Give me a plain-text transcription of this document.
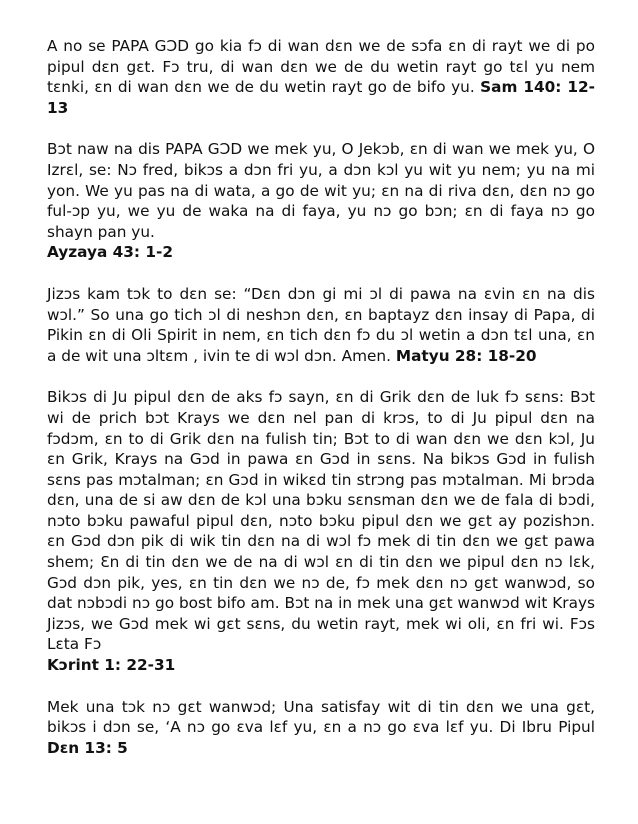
A no se PAPA GƆD go kia fɔ di wan dɛn we de sɔfa ɛn di rayt we di po pipul dɛn gɛt. Fɔ tru, di wan dɛn we de du wetin rayt go tɛl yu nem tɛnki, ɛn di wan dɛn we de du wetin rayt go de bifo yu. Sam 140: 12-13

Bɔt naw na dis PAPA GƆD we mek yu, O Jekɔb, ɛn di wan we mek yu, O Izrɛl, se: Nɔ fred, bikɔs a dɔn fri yu, a dɔn kɔl yu wit yu nem; yu na mi yon. We yu pas na di wata, a go de wit yu; ɛn na di riva dɛn, dɛn nɔ go ful-ɔp yu, we yu de waka na di faya, yu nɔ go bɔn; ɛn di faya nɔ go shayn pan yu.
Ayzaya 43: 1-2

Jizɔs kam tɔk to dɛn se: “Dɛn dɔn gi mi ɔl di pawa na ɛvin ɛn na dis wɔl.” So una go tich ɔl di neshɔn dɛn, ɛn baptayz dɛn insay di Papa, di Pikin ɛn di Oli Spirit in nem, ɛn tich dɛn fɔ du ɔl wetin a dɔn tɛl una, ɛn a de wit una ɔltɛm , ivin te di wɔl dɔn. Amen. Matyu 28: 18-20

Bikɔs di Ju pipul dɛn de aks fɔ sayn, ɛn di Grik dɛn de luk fɔ sɛns: Bɔt wi de prich bɔt Krays we dɛn nel pan di krɔs, to di Ju pipul dɛn na fɔdɔm, ɛn to di Grik dɛn na fulish tin; Bɔt to di wan dɛn we dɛn kɔl, Ju ɛn Grik, Krays na Gɔd in pawa ɛn Gɔd in sɛns. Na bikɔs Gɔd in fulish sɛns pas mɔtalman; ɛn Gɔd in wikɛd tin strɔng pas mɔtalman. Mi brɔda dɛn, una de si aw dɛn de kɔl una bɔku sɛnsman dɛn we de fala di bɔdi, nɔto bɔku pawaful pipul dɛn, nɔto bɔku pipul dɛn we gɛt ay pozishɔn. ɛn Gɔd dɔn pik di wik tin dɛn na di wɔl fɔ mek di tin dɛn we gɛt pawa shem; Ɛn di tin dɛn we de na di wɔl ɛn di tin dɛn we pipul dɛn nɔ lɛk, Gɔd dɔn pik, yes, ɛn tin dɛn we nɔ de, fɔ mek dɛn nɔ gɛt wanwɔd, so dat nɔbɔdi nɔ go bost bifo am. Bɔt na in mek una gɛt wanwɔd wit Krays Jizɔs, we Gɔd mek wi gɛt sɛns, du wetin rayt, mek wi oli, ɛn fri wi. Fɔs Lɛta Fɔ
Kɔrint 1: 22-31

Mek una tɔk nɔ gɛt wanwɔd; Una satisfay wit di tin dɛn we una gɛt, bikɔs i dɔn se, ‘A nɔ go ɛva lɛf yu, ɛn a nɔ go ɛva lɛf yu. Di Ibru Pipul Dɛn 13: 5
